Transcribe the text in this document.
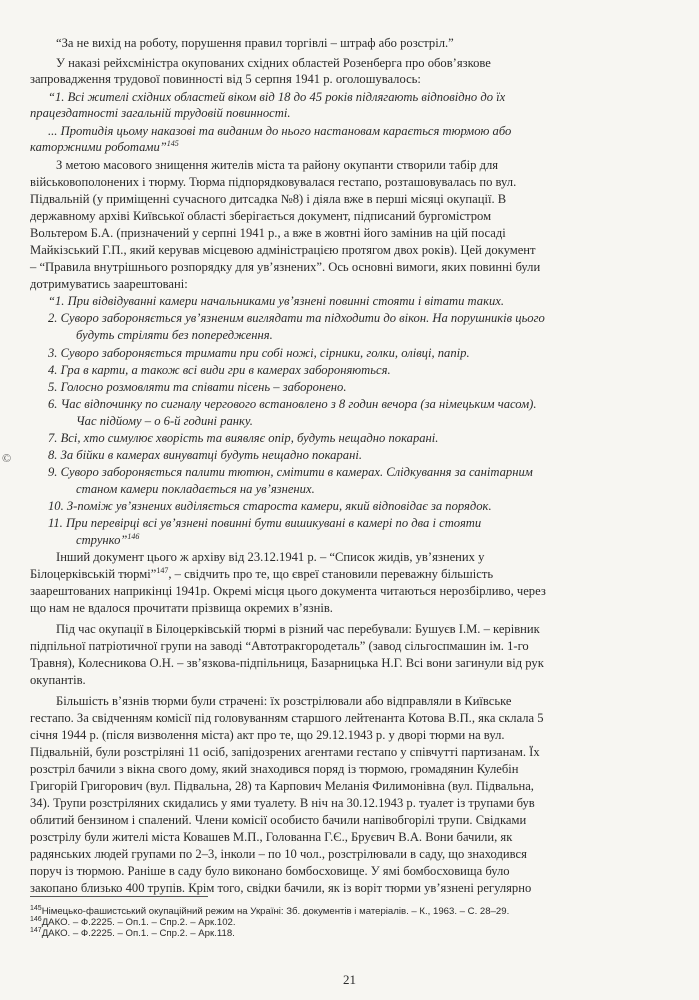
“За не вихід на роботу, порушення правил торгівлі – штраф або розстріл.”
У наказі рейхсміністра окупованих східних областей Розенберга про обов’язкове
запровадження трудової повинності від 5 серпня 1941 р. оголошувалось:
“1. Всі жителі східних областей віком від 18 до 45 років підлягають відповідно до їх
працездатності загальній трудовій повинності.
... Протидія цьому наказові та виданим до нього настановам карається тюрмою або
каторжними роботами”$^{145}$
З метою масового знищення жителів міста та району окупанти створили табір для
військовополонених і тюрму. Тюрма підпорядковувалася гестапо, розташовувалась по вул.
Підвальній (у приміщенні сучасного дитсадка №8) і діяла вже в перші місяці окупації. В
державному архіві Київської області зберігається документ, підписаний бургомістром
Вольтером Б.А. (призначений у серпні 1941 р., а вже в жовтні його замінив на цій посаді
Майкізський Г.П., який керував місцевою адміністрацією протягом двох років). Цей документ
– “Правила внутрішнього розпорядку для ув’язнених”. Ось основні вимоги, яких повинні були
дотримуватись заарештовані:
“1. При відвідуванні камери начальниками ув’язнені повинні стояти і вітати таких.
2. Суворо забороняється ув’язненим виглядати та підходити до вікон. На порушників цього
будуть стріляти без попередження.
3. Суворо забороняється тримати при собі ножі, сірники, голки, олівці, папір.
4. Гра в карти, а також всі види гри в камерах забороняються.
5. Голосно розмовляти та співати пісень – заборонено.
6. Час відпочинку по сигналу чергового встановлено з 8 годин вечора (за німецьким часом).
Час підйому – о 6-й годині ранку.
7. Всі, хто симулює хворість та виявляє опір, будуть нещадно покарані.
8. За бійки в камерах винуватці будуть нещадно покарані.
9. Суворо забороняється палити тютюн, смітити в камерах. Слідкування за санітарним
станом камери покладається на ув’язнених.
10. З-поміж ув’язнених виділяється староста камери, який відповідає за порядок.
11. При перевірці всі ув’язнені повинні бути вишикувані в камері по два і стояти
струнко”$^{146}$
Інший документ цього ж архіву від 23.12.1941 р. – “Список жидів, ув’язнених у
Білоцерківській тюрмі”$^{147}$, – свідчить про те, що євреї становили переважну більшість
заарештованих наприкінці 1941р. Окремі місця цього документа читаються нерозбірливо, через
що нам не вдалося прочитати прізвища окремих в’язнів.
Під час окупації в Білоцерківській тюрмі в різний час перебували: Бушуєв І.М. – керівник
підпільної патріотичної групи на заводі “Автотракгородеталь” (завод сільгоспмашин ім. 1-го
Травня), Колесникова О.Н. – зв’язкова-підпільниця, Базарницька Н.Г. Всі вони загинули від рук
окупантів.
Більшість в’язнів тюрми були страчені: їх розстрілювали або відправляли в Київське
гестапо. За свідченням комісії під головуванням старшого лейтенанта Котова В.П., яка склала 5
січня 1944 р. (після визволення міста) акт про те, що 29.12.1943 р. у дворі тюрми на вул.
Підвальній, були розстріляні 11 осіб, запідозрених агентами гестапо у співчутті партизанам. Їх
розстріл бачили з вікна свого дому, який знаходився поряд із тюрмою, громадянин Кулебін
Григорій Григорович (вул. Підвальна, 28) та Карпович Меланія Филимонівна (вул. Підвальна,
34). Трупи розстріляних скидались у ями туалету. В ніч на 30.12.1943 р. туалет із трупами був
облитий бензином і спалений. Члени комісії особисто бачили напівобгорілі трупи. Свідками
розстрілу були жителі міста Ковашев М.П., Голованна Г.Є., Бруєвич В.А. Вони бачили, як
радянських людей групами по 2–3, інколи – по 10 чол., розстрілювали в саду, що знаходився
поруч із тюрмою. Раніше в саду було виконано бомбосховище. У ямі бомбосховища було
закопано близько 400 трупів. Крім того, свідки бачили, як із воріт тюрми ув’язнені регулярно
©
$^{145}$Німецько-фашистський окупаційний режим на Україні: Зб. документів і матеріалів. – К., 1963. – С. 28–29.
$^{146}$ДАКО. – Ф.2225. – Оп.1. – Спр.2. – Арк.102.
$^{147}$ДАКО. – Ф.2225. – Оп.1. – Спр.2. – Арк.118.
21
